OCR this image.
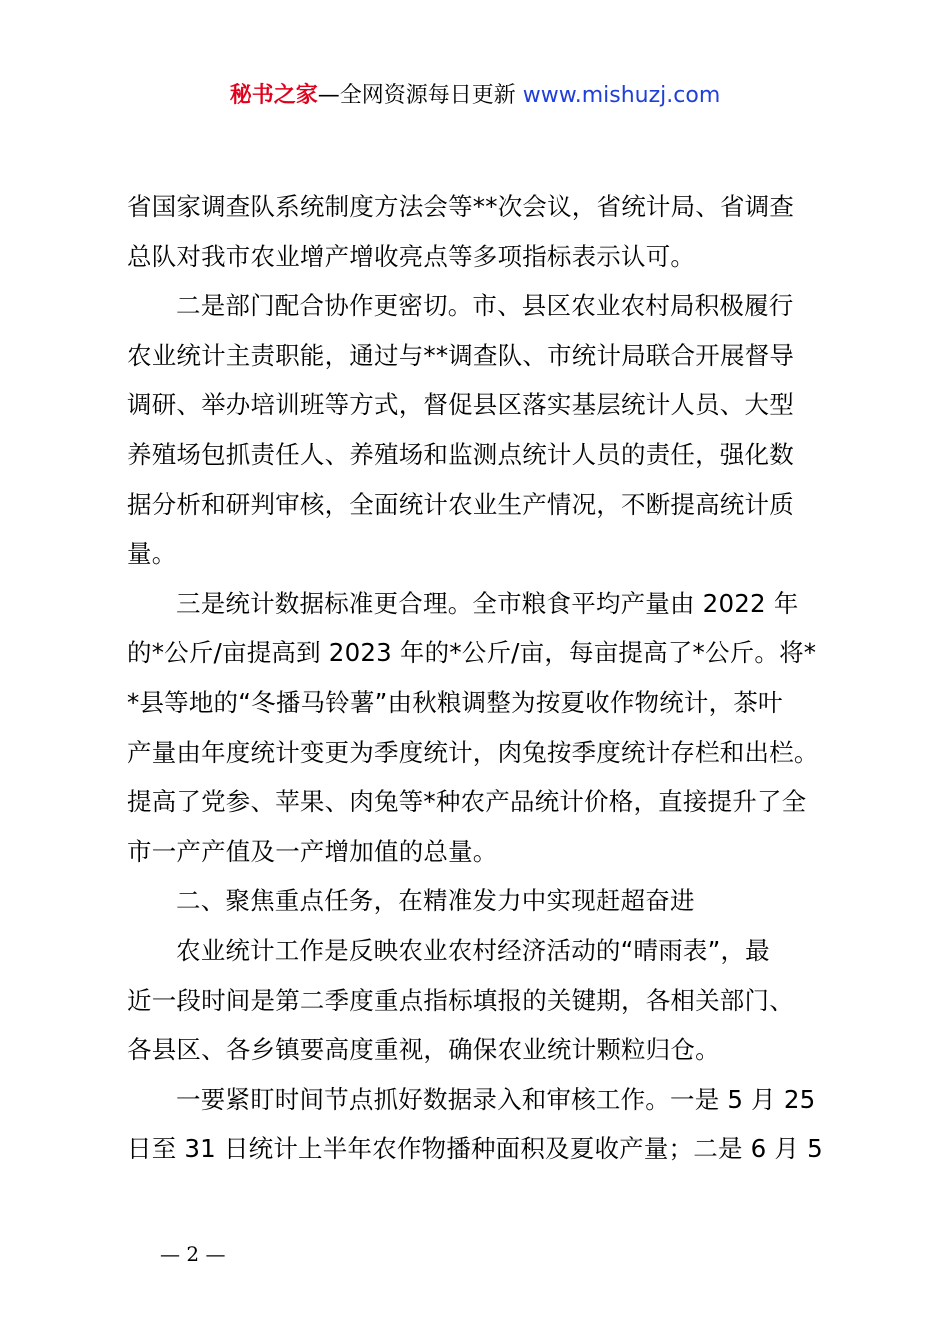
秘书之家—全网资源每日更新 www.mishuzj.com
省国家调查队系统制度方法会等**次会议，省统计局、省调查
总队对我市农业增产增收亮点等多项指标表示认可。
二是部门配合协作更密切。市、县区农业农村局积极履行
农业统计主责职能，通过与**调查队、市统计局联合开展督导
调研、举办培训班等方式，督促县区落实基层统计人员、大型
养殖场包抓责任人、养殖场和监测点统计人员的责任，强化数
据分析和研判审核，全面统计农业生产情况，不断提高统计质
量。
三是统计数据标准更合理。全市粮食平均产量由 2022 年
的*公斤/亩提高到 2023 年的*公斤/亩，每亩提高了*公斤。将*
*县等地的“冬播马铃薯”由秋粮调整为按夏收作物统计，茶叶
产量由年度统计变更为季度统计，肉兔按季度统计存栏和出栏。
提高了党参、苹果、肉兔等*种农产品统计价格，直接提升了全
市一产产值及一产增加值的总量。
二、聚焦重点任务，在精准发力中实现赶超奋进
农业统计工作是反映农业农村经济活动的“晴雨表”，最
近一段时间是第二季度重点指标填报的关键期，各相关部门、
各县区、各乡镇要高度重视，确保农业统计颗粒归仓。
一要紧盯时间节点抓好数据录入和审核工作。一是 5 月 25
日至 31 日统计上半年农作物播种面积及夏收产量；二是 6 月 5
— 2 —
